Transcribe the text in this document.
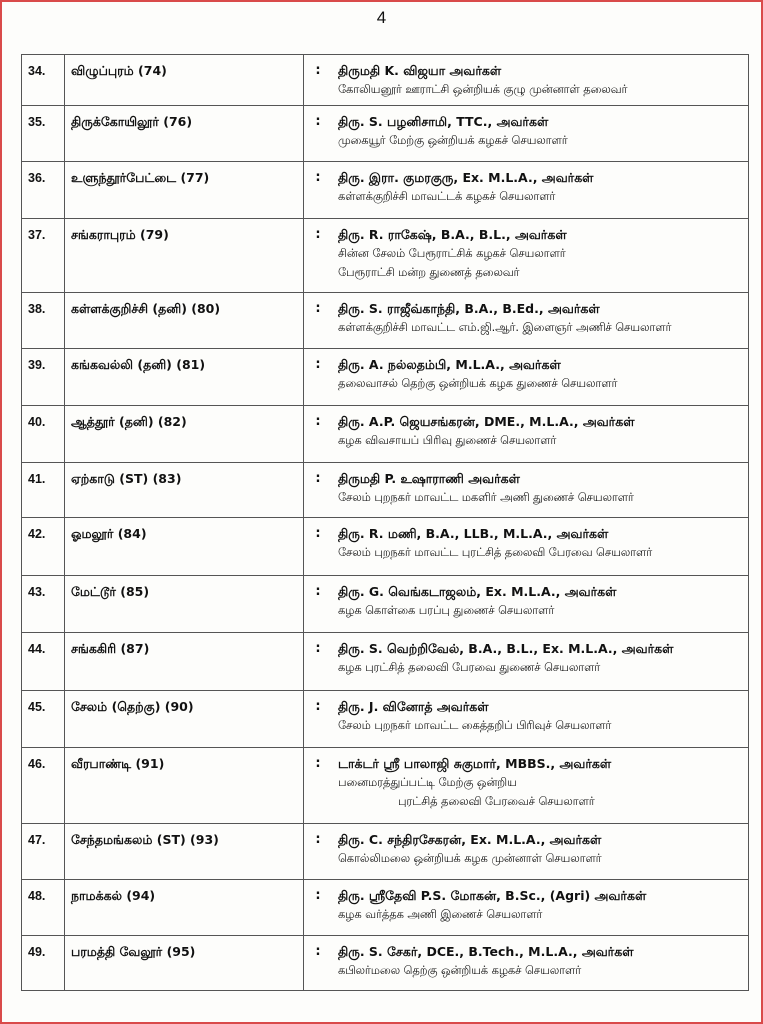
4
34.	விழுப்புரம் (74)	:	திருமதி K. விஜயா அவர்கள்
கோலியனூர் ஊராட்சி ஒன்றியக் குழு முன்னாள் தலைவர்

35.	திருக்கோயிலூர் (76)	:	திரு. S. பழனிசாமி, TTC., அவர்கள்
முகையூர் மேற்கு ஒன்றியக் கழகச் செயலாளர்

36.	உளுந்தூர்பேட்டை (77)	:	திரு. இரா. குமரகுரு, Ex. M.L.A., அவர்கள்
கள்ளக்குறிச்சி மாவட்டக் கழகச் செயலாளர்

37.	சங்கராபுரம் (79)	:	திரு. R. ராகேஷ், B.A., B.L., அவர்கள்
சின்ன சேலம் பேரூராட்சிக் கழகச் செயலாளர்
பேரூராட்சி மன்ற துணைத் தலைவர்

38.	கள்ளக்குறிச்சி (தனி) (80)	:	திரு. S. ராஜீவ்காந்தி, B.A., B.Ed., அவர்கள்
கள்ளக்குறிச்சி மாவட்ட எம்.ஜி.ஆர். இளைஞர் அணிச் செயலாளர்

39.	கங்கவல்லி (தனி) (81)	:	திரு. A. நல்லதம்பி, M.L.A., அவர்கள்
தலைவாசல் தெற்கு ஒன்றியக் கழக துணைச் செயலாளர்

40.	ஆத்தூர் (தனி) (82)	:	திரு. A.P. ஜெயசங்கரன், DME., M.L.A., அவர்கள்
கழக விவசாயப் பிரிவு துணைச் செயலாளர்

41.	ஏற்காடு (ST) (83)	:	திருமதி P. உஷாராணி அவர்கள்
சேலம் புறநகர் மாவட்ட மகளிர் அணி துணைச் செயலாளர்

42.	ஓமலூர் (84)	:	திரு. R. மணி, B.A., LLB., M.L.A., அவர்கள்
சேலம் புறநகர் மாவட்ட புரட்சித் தலைவி பேரவை செயலாளர்

43.	மேட்டூர் (85)	:	திரு. G. வெங்கடாஜலம், Ex. M.L.A., அவர்கள்
கழக கொள்கை பரப்பு துணைச் செயலாளர்

44.	சங்ககிரி (87)	:	திரு. S. வெற்றிவேல், B.A., B.L., Ex. M.L.A., அவர்கள்
கழக புரட்சித் தலைவி பேரவை துணைச் செயலாளர்

45.	சேலம் (தெற்கு) (90)	:	திரு. J. வினோத் அவர்கள்
சேலம் புறநகர் மாவட்ட கைத்தறிப் பிரிவுச் செயலாளர்

46.	வீரபாண்டி (91)	:	டாக்டர் ஸ்ரீ பாலாஜி சுகுமார், MBBS., அவர்கள்
பனைமரத்துப்பட்டி மேற்கு ஒன்றிய
புரட்சித் தலைவி பேரவைச் செயலாளர்

47.	சேந்தமங்கலம் (ST) (93)	:	திரு. C. சந்திரசேகரன், Ex. M.L.A., அவர்கள்
கொல்லிமலை ஒன்றியக் கழக முன்னாள் செயலாளர்

48.	நாமக்கல் (94)	:	திரு. ஸ்ரீதேவி P.S. மோகன், B.Sc., (Agri) அவர்கள்
கழக வர்த்தக அணி இணைச் செயலாளர்

49.	பரமத்தி வேலூர் (95)	:	திரு. S. சேகர், DCE., B.Tech., M.L.A., அவர்கள்
கபிலர்மலை தெற்கு ஒன்றியக் கழகச் செயலாளர்
